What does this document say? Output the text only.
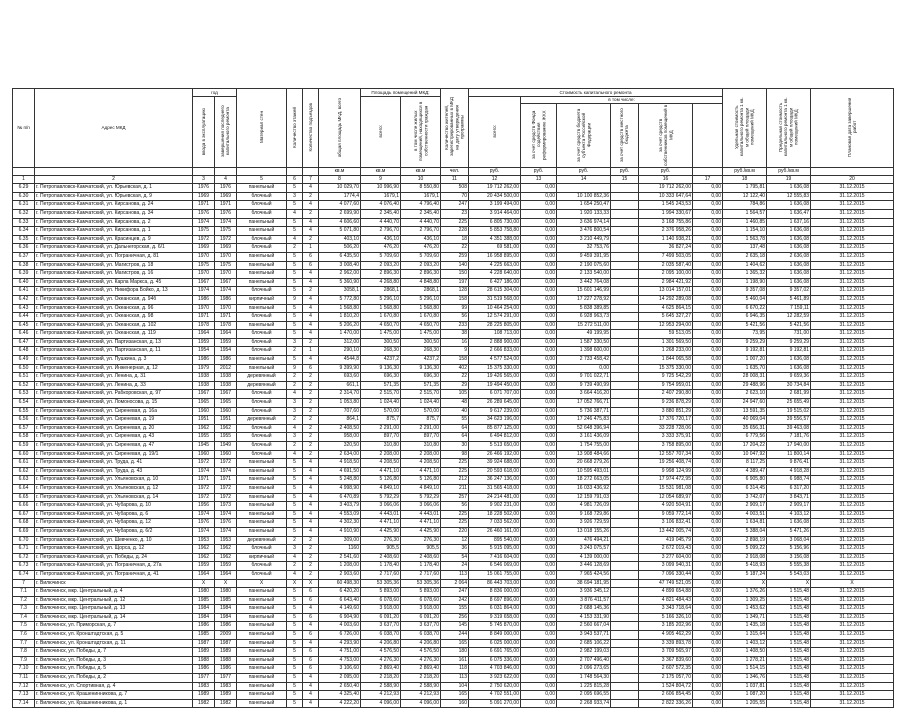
№ п/п	Адрес МКД	год		Материал стен	Количество этажей	Количество подъездов	общая площадь МКД, всего	Площадь помещений МКД:		Количество жителей, зарегистрированных в МКД на дату утверждения программы	Стоимость капитального ремонта						Удельная стоимость капитального ремонта 1 кв. м общей площади помещений МКД	Предельная стоимость капитального ремонта 1 кв. м общей площади помещений МКД	Плановая дата завершения работ
		ввода в эксплуатацию	завершения последнего капитального ремонта					всего:	в том числе жилых помещений, находящихся в собственности граждан		всего:	в том числе:							
												за счет средств Фонда содействия реформированию ЖКХ	за счет средств бюджета субъекта Российской Федерации	за счет средств местного бюджета	за счет средств собственников помещений в МКД				
							кв.м	кв.м	кв.м	чел.	руб.	руб.	руб.	руб.	руб.		руб./кв.м	руб./кв.м	
1	2	3	4	5	6	7	8	9	10	11	12	13	14	15	16	17	18	19	20
6.29	г. Петропавловск-Камчатский, ул. Юрьевская, д. 1	1976	1976	панельный	5	4	10 029,70	10 996,90	8 550,80	508	19 712 262,00	0,00			19 712 262,00	0,00	1 795,81	1 636,08	31.12.2015
6.30	г. Петропавловск-Камчатский, ул. Юрьевская, д. 9	1969	1969	блочный	3	2	1774,4	1679,1	1679,1	70	20 434 500,00	0,00	10 100 852,36		10 333 647,64	0,00	12 122,40	12 555,83	31.12.2015
6.31	г. Петропавловск-Камчатский, ул. Кирсанова, д. 24	1971	1971	блочный	5	4	4 077,60	4 076,40	4 796,40	247	3 199 494,00	0,00	1 654 250,47		1 545 243,53	0,00	784,86	1 636,08	31.12.2015
6.32	г. Петропавловск-Камчатский, ул. Кирсанова, д. 34	1976	1976	блочный	4	2	2 699,90	2 345,40	2 345,40	23	3 914 464,00	0,00	1 920 133,33		1 994 330,67	0,00	1 564,57	1 636,47	31.12.2015
6.33	г. Петропавловск-Камчатский, ул. Кирсанова, д. 2	1974	1974	панельный	5	4	4 606,60	4 440,70	4 440,70	225	6 805 730,00	0,00	3 636 974,14		3 168 755,86	0,00	1 460,85	1 637,16	31.12.2015
6.34	г. Петропавловск-Камчатский, ул. Кирсанова, д. 1	1975	1975	панельный	5	4	5 071,80	2 796,70	2 796,70	228	5 853 758,80	0,00	3 476 800,54		2 376 958,26	0,00	1 154,10	1 636,08	31.12.2015
6.35	г. Петропавловск-Камчатский, ул. Красинцев, д. 9	1972	1972	блочный	4	2	403,10	436,10	436,10	18	4 351 388,00	0,00	3 210 449,79		1 140 938,21	0,00	1 563,78	1 636,08	31.12.2015
6.36	г. Петропавловск-Камчатский, ул. Дальнегорская, д. 6/1	1969	1969	блочный	2	1	506,20	476,20	476,20	22	69 581,00	0,00	32 753,76		36 827,24	0,00	137,48	1 636,08	31.12.2015
6.37	г. Петропавловск-Камчатский, ул. Пограничная, д. 81	1970	1970	панельный	5	6	6 435,50	5 709,60	5 709,60	259	16 958 895,00	0,00	9 459 391,95		7 499 503,05	0,00	2 635,18	2 636,08	31.12.2015
6.38	г. Петропавловск-Камчатский, ул. Магистров, д. 18	1975	1975	панельный	5	6	3 008,40	2 093,20	2 093,20	140	4 225 663,00	0,00	2 190 075,60		2 035 587,40	0,00	1 404,62	1 636,08	31.12.2015
6.39	г. Петропавловск-Камчатский, ул. Магистров, д. 16	1970	1970	панельный	5	4	2 962,00	2 896,30	2 896,30	150	4 228 640,00	0,00	2 133 540,00		2 095 100,00	0,00	1 365,32	1 636,08	31.12.2015
6.40	г. Петропавловск-Камчатский, ул. Карла Маркса, д. 45	1967	1967	панельный	5	4	5 360,90	4 268,80	4 848,80	197	6 427 186,00	0,00	3 442 764,08		2 984 421,92	0,00	1 198,90	1 636,08	31.12.2015
6.41	г. Петропавловск-Камчатский, ул. Никифора Бойко, д. 13	1974	1974	блочный	5	2	3058,1	2868,1	2868,1	128	28 615 304,00	0,00	15 601 146,99		13 014 157,01	0,00	9 357,08	9 357,02	31.12.2015
6.42	г. Петропавловск-Камчатский, ул. Океанская, д. 94б	1986	1986	кирпичный	9	4	5 772,80	5 296,10	5 296,10	158	31 519 568,00	0,00	17 227 278,92		14 292 289,08	0,00	5 460,04	5 461,89	31.12.2015
6.43	г. Петропавловск-Камчатский, ул. Океанская, д. 96	1970	1970	панельный	5	4	1 568,80	1 568,80	1 568,80	99	10 464 254,00	0,00	5 838 389,85		4 625 864,15	0,00	6 670,22	7 159,11	31.12.2015
6.44	г. Петропавловск-Камчатский, ул. Океанская, д. 98	1971	1971	блочный	5	4	1 810,20	1 670,80	1 670,80	56	12 574 291,00	0,00	6 928 963,73		5 645 327,27	0,00	6 946,35	12 282,59	31.12.2015
6.45	г. Петропавловск-Камчатский, ул. Океанская, д. 102	1978	1978	панельный	5	4	5 206,20	4 650,70	4 650,70	233	28 225 805,00	0,00	15 272 511,00		12 953 294,00	0,00	5 421,56	5 421,56	31.12.2015
6.46	г. Петропавловск-Камчатский, ул. Океанская, д. 119	1964	1964	блочный	5	4	1 470,00	1 475,00	1 475,00	38	108 713,00	0,00	49 199,95		59 513,05	0,00	73,95	731,00	31.12.2015
6.47	г. Петропавловск-Камчатский, ул. Партизанская, д. 13	1959	1959	блочный	3	2	312,00	300,50	300,50	16	2 888 900,00	0,00	1 587 330,50		1 301 569,50	0,00	9 259,29	9 259,29	31.12.2015
6.48	г. Петропавловск-Камчатский, ул. Партизанская, д. 11	1954	1954	блочный	2	1	290,10	268,30	268,30	9	2 666 833,00	0,00	1 398 600,00		1 268 233,00	0,00	9 192,81	9 192,81	31.12.2015
6.49	г. Петропавловск-Камчатский, ул. Пушкина, д. 3	1986	1986	панельный	5	4	4544,8	4237,2	4237,2	158	4 577 524,00	0,00	2 733 458,42		1 844 065,58	0,00	1 007,20	1 636,08	31.12.2015
6.50	г. Петропавловск-Камчатский, ул. Инженерная, д. 12	1979	2012	панельный	9	6	9 399,90	9 136,30	9 136,30	402	15 375 330,00	0,00	0,00		15 375 330,00	0,00	1 635,70	1 636,08	31.12.2015
6.51	г. Петропавловск-Камчатский, ул. Ленина, д. 31	1938	1938	деревянный	2	2	693,60	696,30	696,30	22	19 426 565,00	0,00	9 701 022,71		9 725 542,29	0,00	28 008,31	9 659,36	31.12.2015
6.52	г. Петропавловск-Камчатский, ул. Ленина, д. 33	1938	1938	деревянный	2	2	661,1	571,35	571,35	29	19 494 450,00	0,00	9 739 490,99		9 754 959,01	0,00	29 488,96	30 734,84	31.12.2015
6.53	г. Петропавловск-Камчатский, ул. Рабкоровская, д. 97	1967	1967	блочный	4	2	2 314,70	2 515,70	2 515,70	105	6 071 707,00	0,00	3 664 416,20		2 407 290,80	0,00	2 623,10	2 681,99	31.12.2015
6.54	г. Петропавловск-Камчатский, ул. Ломоносова, д. 15	1965	1965	блочный	3	2	1 053,80	1 024,40	1 024,40	48	26 289 645,00	0,00	17 052 766,71		9 236 878,29	0,00	24 947,60	25 655,49	31.12.2015
6.55	г. Петропавловск-Камчатский, ул. Сиреневая, д. 16а	1960	1960	блочный	3	2	707,60	570,00	570,00	40	9 617 239,00	0,00	5 736 387,71		3 880 851,29	0,00	13 591,35	19 515,02	31.12.2015
6.56	г. Петропавловск-Камчатский, ул. Сиреневая, д. 19	1951	1951	деревянный	2	2	864,1	875,7	875,7	55	34 623 196,00	0,00	17 246 475,83		17 376 720,17	0,00	40 069,04	39 556,57	31.12.2015
6.57	г. Петропавловск-Камчатский, ул. Сиреневая, д. 20	1962	1962	блочный	4	2	2 408,50	2 291,00	2 291,00	64	85 877 125,00	0,00	52 648 396,94		33 228 728,06	0,00	35 656,31	39 463,08	31.12.2015
6.58	г. Петропавловск-Камчатский, ул. Сиреневая, д. 43	1955	1955	блочный	3	2	958,00	897,70	897,70	64	6 494 812,00	0,00	3 161 436,09		3 333 375,91	0,00	6 779,56	7 181,76	31.12.2015
6.59	г. Петропавловск-Камчатский, ул. Сиреневая, д. 47	1945	1949	блочный	2	2	320,50	310,80	310,80	30	5 513 650,00	0,00	1 754 755,00		3 758 895,00	0,00	17 204,22	17 940,00	31.12.2015
6.60	г. Петропавловск-Камчатский, ул. Сиреневая, д. 19/1	1960	1960	блочный	4	2	2 634,00	2 208,00	2 208,00	98	26 466 192,00	0,00	13 908 484,66		12 557 707,34	0,00	10 047,92	11 800,14	31.12.2015
6.61	г. Петропавловск-Камчатский, ул. Труда, д. 41	1972	1972	панельный	5	4	4 918,50	4 208,50	4 208,50	225	39 924 688,00	0,00	20 668 279,26		19 256 408,74	0,00	8 117,25	9 876,41	31.12.2015
6.62	г. Петропавловск-Камчатский, ул. Труда, д. 43	1974	1974	панельный	5	4	4 691,50	4 471,10	4 471,10	225	20 593 618,00	0,00	10 595 493,01		9 998 124,99	0,00	4 389,47	4 918,28	31.12.2015
6.63	г. Петропавловск-Камчатский, ул. Ульяновская, д. 10	1971	1971	панельный	5	4	5 248,80	5 126,80	5 126,80	212	36 247 136,00	0,00	18 272 663,05		17 974 472,95	0,00	6 905,80	6 988,74	31.12.2015
6.64	г. Петропавловск-Камчатский, ул. Ульяновская, д. 12	1972	1972	панельный	5	4	4 998,90	4 849,10	4 849,10	211	31 565 418,00	0,00	16 033 436,92		15 531 981,08	0,00	6 314,45	6 317,20	31.12.2015
6.65	г. Петропавловск-Камчатский, ул. Ульяновская, д. 14	1972	1972	панельный	5	4	6 470,89	5 792,29	5 792,29	257	24 214 481,00	0,00	12 159 791,03		12 054 689,97	0,00	3 742,07	3 843,71	31.12.2015
6.66	г. Петропавловск-Камчатский, ул. Чубарова, д. 10	1956	1973	панельный	5	4	3 403,79	3 066,06	3 066,06	56	9 902 231,00	0,00	4 981 726,09		4 920 504,91	0,00	2 909,17	2 909,17	31.12.2015
6.67	г. Петропавловск-Камчатский, ул. Чубарова, д. 6	1974	1974	панельный	5	4	4 553,09	4 443,01	4 443,01	225	18 228 502,00	0,00	9 168 729,86		9 059 772,14	0,00	4 003,51	4 103,12	31.12.2015
6.68	г. Петропавловск-Камчатский, ул. Чубарова, д. 12	1976	1976	панельный	5	4	4 302,30	4 471,10	4 471,10	225	7 033 562,00	0,00	3 926 729,59		3 106 832,41	0,00	1 634,81	1 636,08	31.12.2015
6.69	г. Петропавловск-Камчатский, ул. Чубарова, д. 6/2	1974	1974	панельный	5	4	4 910,90	4 425,90	4 425,90	220	26 460 161,00	0,00	13 018 155,26		13 442 005,74	0,00	5 388,04	5 471,26	31.12.2015
6.70	г. Петропавловск-Камчатский, ул. Шевченко, д. 10	1953	1953	деревянный	2	2	309,00	276,30	276,30	12	895 540,00	0,00	476 494,21		419 045,79	0,00	2 898,19	3 068,04	31.12.2015
6.71	г. Петропавловск-Камчатский, ул. Щорса, д. 12	1962	1962	блочный	3	2	1160	905,5	905,5	36	5 915 095,00	0,00	3 243 075,57		2 672 019,43	0,00	5 099,22	5 156,96	31.12.2015
6.72	г. Петропавловск-Камчатский, ул. Победы, д. 24	1962	1962	кирпичный	4	2	2 541,60	2 408,60	2 408,60	54	7 416 604,00	0,00	4 139 000,00		3 277 604,00	0,00	2 918,08	3 156,08	31.12.2015
6.73	г. Петропавловск-Камчатский, ул. Пограничная, д. 27а	1959	1959	блочный	2	2	1 208,00	1 178,40	1 178,40	24	6 546 069,00	0,00	3 446 128,69		3 099 940,31	0,00	5 418,93	5 555,38	31.12.2015
6.74	г. Петропавловск-Камчатский, ул. Пограничная, д. 41	1964	1964	блочный	4	2	2 903,60	2 717,60	2 717,60	113	15 061 755,00	0,00	7 965 424,56		7 096 330,44	0,00	5 187,24	5 543,03	31.12.2015
7	г. Вилючинск	X	X	X	X	X	60 498,30	53 305,36	53 305,36	2 064	86 443 703,00	0,00	38 694 181,95		47 749 521,05	0,00	X	X	X
7.1	г. Вилючинск, мкр. Центральный, д. 4	1980	1980	панельный	5	6	6 420,20	5 893,00	5 893,00	247	8 836 000,00	0,00	3 936 345,12		4 899 654,88	0,00	1 376,26	1 515,48	31.12.2015
7.2	г. Вилючинск, мкр. Центральный, д. 12	1985	1985	панельный	5	6	6 643,40	6 078,60	6 078,60	242	8 697 896,00	0,00	3 876 411,57		4 821 484,43	0,00	1 309,25	1 515,48	31.12.2015
7.3	г. Вилючинск, мкр. Центральный, д. 13	1984	1984	панельный	5	4	4 149,60	3 918,00	3 918,00	155	6 031 864,00	0,00	2 688 145,36		3 343 718,64	0,00	1 453,62	1 515,48	31.12.2015
7.4	г. Вилючинск, мкр. Центральный, д. 14	1984	1984	панельный	5	6	6 904,90	6 091,20	6 091,20	256	9 319 658,00	0,00	4 153 331,90		5 166 326,10	0,00	1 349,71	1 515,48	31.12.2015
7.5	г. Вилючинск, ул. Приморская, д. 7	1986	1986	панельный	5	4	4 003,60	3 637,70	3 637,70	145	5 745 870,00	0,00	2 560 667,04		3 185 202,96	0,00	1 435,18	1 515,48	31.12.2015
7.6	г. Вилючинск, ул. Кронштадтская, д. 5	1985	2009	панельный	5	6	6 726,00	6 038,70	6 038,70	244	8 849 000,00	0,00	3 943 537,71		4 905 462,29	0,00	1 315,64	1 515,48	31.12.2015
7.7	г. Вилючинск, ул. Кронштадтская, д. 11	1987	1987	панельный	5	4	4 293,90	4 206,80	4 206,80	165	6 025 000,00	0,00	2 685 106,22		3 339 893,78	0,00	1 403,12	1 515,48	31.12.2015
7.8	г. Вилючинск, ул. Победы, д. 7	1989	1989	панельный	5	6	4 751,00	4 576,50	4 576,50	180	6 691 765,00	0,00	2 982 199,03		3 709 565,97	0,00	1 408,50	1 515,48	31.12.2015
7.9	г. Вилючинск, ул. Победы, д. 3	1988	1988	панельный	5	6	4 753,00	4 276,30	4 276,30	161	6 075 336,00	0,00	2 707 496,40		3 367 839,60	0,00	1 278,21	1 515,48	31.12.2015
7.10	г. Вилючинск, ул. Победы, д. 5	1986	1986	панельный	5	6	3 106,60	2 869,40	2 869,40	118	4 703 846,00	0,00	2 096 273,65		2 607 572,35	0,00	1 514,15	1 515,48	31.12.2015
7.11	г. Вилючинск, ул. Победы, д. 2	1977	1977	панельный	5	4	2 095,00	2 218,20	2 218,20	113	3 923 622,00	0,00	1 748 564,30		2 175 057,70	0,00	1 346,76	1 515,48	31.12.2015
7.12	г. Вилючинск, ул. Спортивная, д. 4	1983	1983	панельный	5	4	2 650,40	2 588,90	2 588,90	104	2 750 620,00	0,00	1 225 815,28		1 524 804,72	0,00	1 037,81	1 515,48	31.12.2015
7.13	г. Вилючинск, ул. Крашенинникова, д. 7	1989	1989	панельный	5	4	4 325,40	4 212,93	4 212,93	165	4 702 551,00	0,00	2 095 696,55		2 606 854,45	0,00	1 087,20	1 515,48	31.12.2015
7.14	г. Вилючинск, ул. Крашенинникова, д. 1	1982	1982	панельный	5	4	4 222,20	4 096,00	4 096,00	160	5 091 270,00	0,00	2 268 933,74		2 822 336,26	0,00	1 205,55	1 515,48	31.12.2015
